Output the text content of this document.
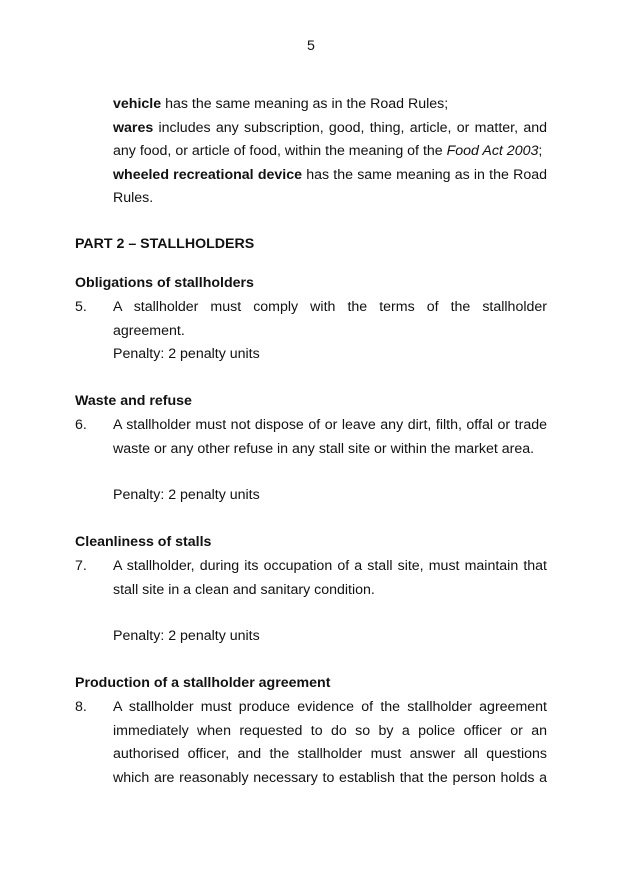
5

vehicle has the same meaning as in the Road Rules;

wares includes any subscription, good, thing, article, or matter, and any food, or article of food, within the meaning of the Food Act 2003;

wheeled recreational device has the same meaning as in the Road Rules.

PART 2 – STALLHOLDERS

Obligations of stallholders

5.	A stallholder must comply with the terms of the stallholder agreement.

Penalty: 2 penalty units

Waste and refuse

6.	A stallholder must not dispose of or leave any dirt, filth, offal or trade waste or any other refuse in any stall site or within the market area.

Penalty: 2 penalty units

Cleanliness of stalls

7.	A stallholder, during its occupation of a stall site, must maintain that stall site in a clean and sanitary condition.

Penalty: 2 penalty units

Production of a stallholder agreement

8.	A stallholder must produce evidence of the stallholder agreement immediately when requested to do so by a police officer or an authorised officer, and the stallholder must answer all questions which are reasonably necessary to establish that the person holds a
